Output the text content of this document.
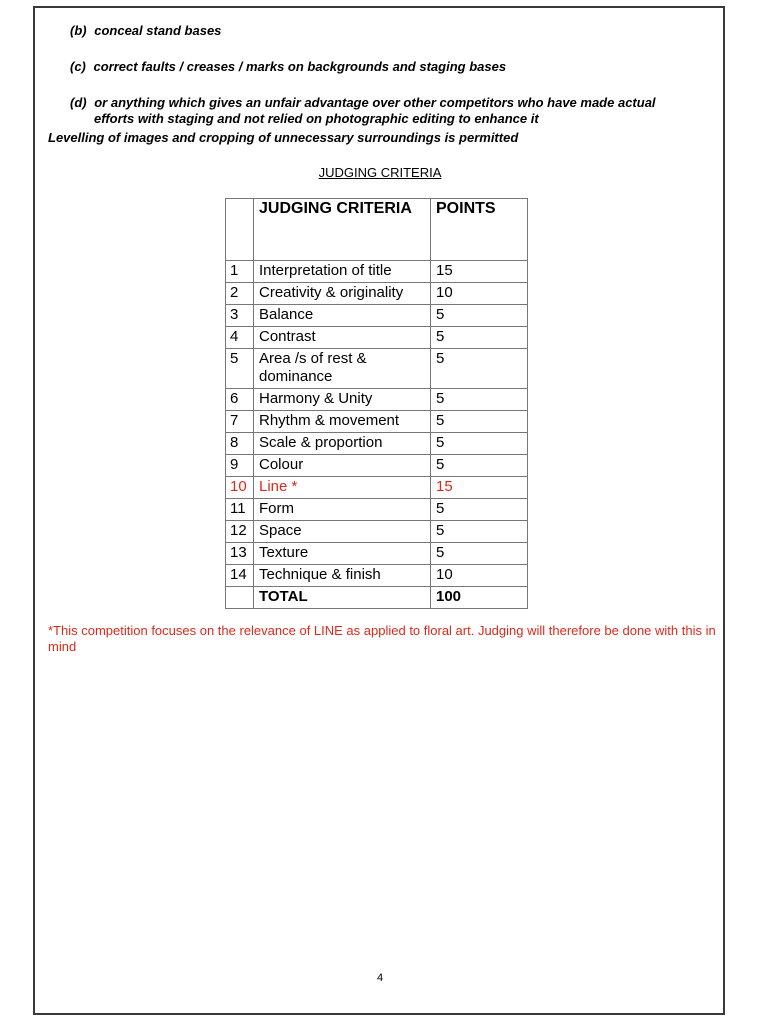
(b) conceal stand bases
(c) correct faults / creases / marks on backgrounds and staging bases
(d) or anything which gives an unfair advantage over other competitors who have made actual
efforts with staging and not relied on photographic editing to enhance it
Levelling of images and cropping of unnecessary surroundings is permitted
JUDGING CRITERIA
	JUDGING CRITERIA	POINTS
1	Interpretation of title	15
2	Creativity & originality	10
3	Balance	5
4	Contrast	5
5	Area /s of rest & dominance	5
6	Harmony & Unity	5
7	Rhythm & movement	5
8	Scale & proportion	5
9	Colour	5
10	Line *	15
11	Form	5
12	Space	5
13	Texture	5
14	Technique & finish	10
	TOTAL	100
*This competition focuses on the relevance of LINE as applied to floral art. Judging will therefore be done with this in mind
4
